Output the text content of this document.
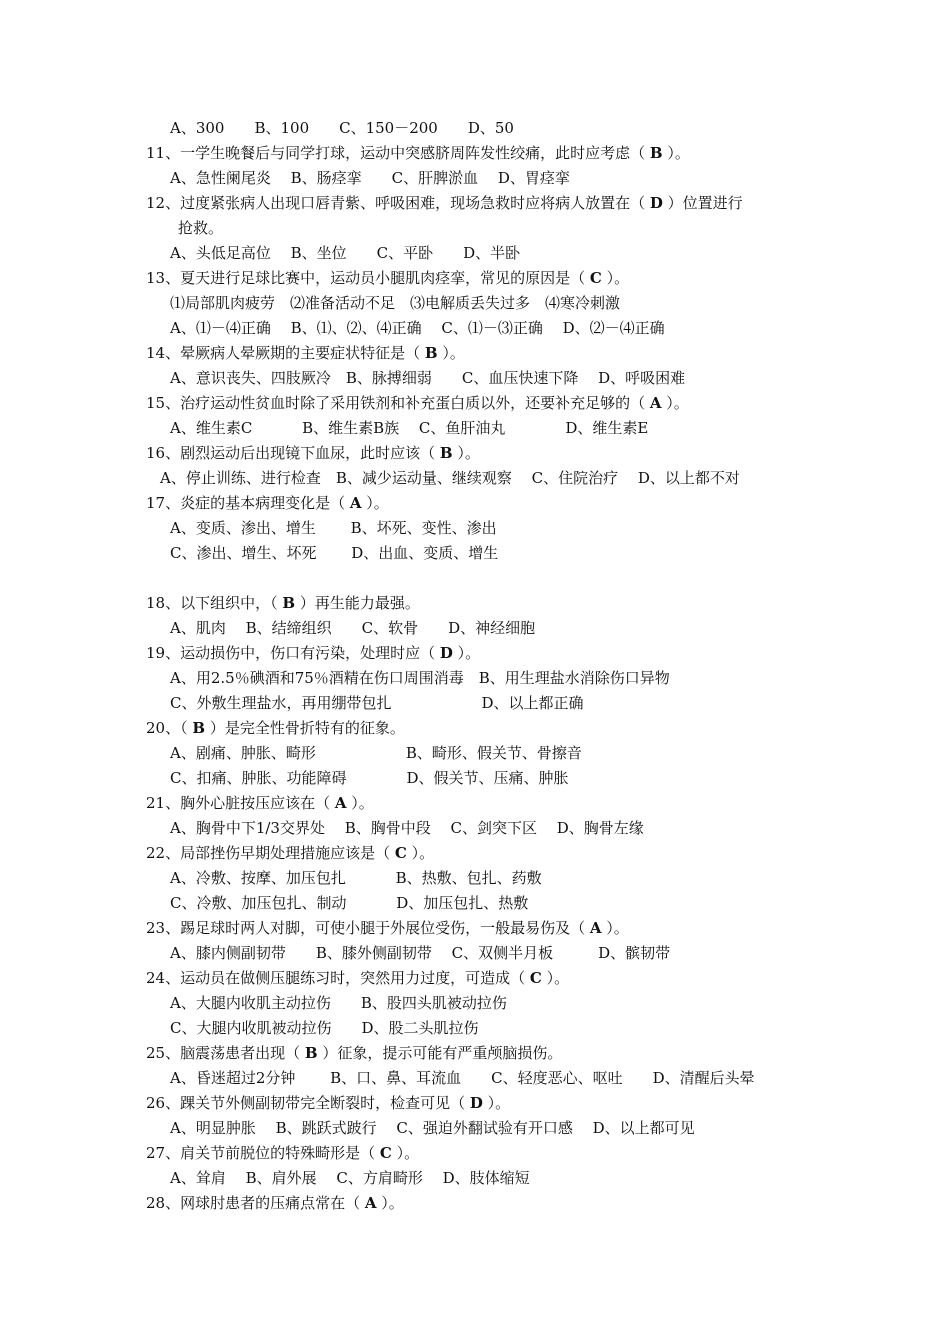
A、300　　B、100　　C、150－200　　D、50
11、一学生晚餐后与同学打球，运动中突感脐周阵发性绞痛，此时应考虑（ B ）。
A、急性阑尾炎　 B、肠痉挛　　C、肝脾淤血　 D、胃痉挛
12、过度紧张病人出现口唇青紫、呼吸困难，现场急救时应将病人放置在（ D ）位置进行
抢救。
A、头低足高位　 B、坐位　　C、平卧　　D、半卧
13、夏天进行足球比赛中，运动员小腿肌肉痉挛，常见的原因是（ C ）。
⑴局部肌肉疲劳　⑵准备活动不足　⑶电解质丢失过多　⑷寒冷刺激
A、⑴－⑷正确　 B、⑴、⑵、⑷正确　 C、⑴－⑶正确　 D、⑵－⑷正确
14、晕厥病人晕厥期的主要症状特征是（ B ）。
A、意识丧失、四肢厥冷　B、脉搏细弱　　C、血压快速下降　 D、呼吸困难
15、治疗运动性贫血时除了采用铁剂和补充蛋白质以外，还要补充足够的（ A ）。
A、维生素C　　　 B、维生素B族　 C、鱼肝油丸　　　　D、维生素E
16、剧烈运动后出现镜下血尿，此时应该（ B ）。
A、停止训练、进行检查　B、减少运动量、继续观察　 C、住院治疗　 D、以上都不对
17、炎症的基本病理变化是（ A ）。
A、变质、渗出、增生　　 B、坏死、变性、渗出
C、渗出、增生、坏死　　 D、出血、变质、增生
18、以下组织中，（ B ）再生能力最强。
A、肌肉　 B、结缔组织　　C、软骨　　D、神经细胞
19、运动损伤中，伤口有污染，处理时应（ D ）。
A、用2.5％碘酒和75％酒精在伤口周围消毒　B、用生理盐水消除伤口异物
C、外敷生理盐水，再用绷带包扎　　　　　　D、以上都正确
20、（ B ）是完全性骨折特有的征象。
A、剧痛、肿胀、畸形　　　　　　B、畸形、假关节、骨擦音
C、扣痛、肿胀、功能障碍　　　　D、假关节、压痛、肿胀
21、胸外心脏按压应该在（ A ）。
A、胸骨中下1/3交界处　 B、胸骨中段　 C、剑突下区　 D、胸骨左缘
22、局部挫伤早期处理措施应该是（ C ）。
A、冷敷、按摩、加压包扎　　　 B、热敷、包扎、药敷
C、冷敷、加压包扎、制动　　　 D、加压包扎、热敷
23、踢足球时两人对脚，可使小腿于外展位受伤，一般最易伤及（ A ）。
A、膝内侧副韧带　　B、膝外侧副韧带　 C、双侧半月板　　　D、髌韧带
24、运动员在做侧压腿练习时，突然用力过度，可造成（ C ）。
A、大腿内收肌主动拉伤　　B、股四头肌被动拉伤
C、大腿内收肌被动拉伤　　D、股二头肌拉伤
25、脑震荡患者出现（ B ）征象，提示可能有严重颅脑损伤。
A、昏迷超过2分钟　　 B、口、鼻、耳流血　　C、轻度恶心、呕吐　　D、清醒后头晕
26、踝关节外侧副韧带完全断裂时，检查可见（ D ）。
A、明显肿胀　 B、跳跃式跛行　 C、强迫外翻试验有开口感　 D、以上都可见
27、肩关节前脱位的特殊畸形是（ C ）。
A、耸肩　 B、肩外展　 C、方肩畸形　 D、肢体缩短
28、网球肘患者的压痛点常在（ A ）。
